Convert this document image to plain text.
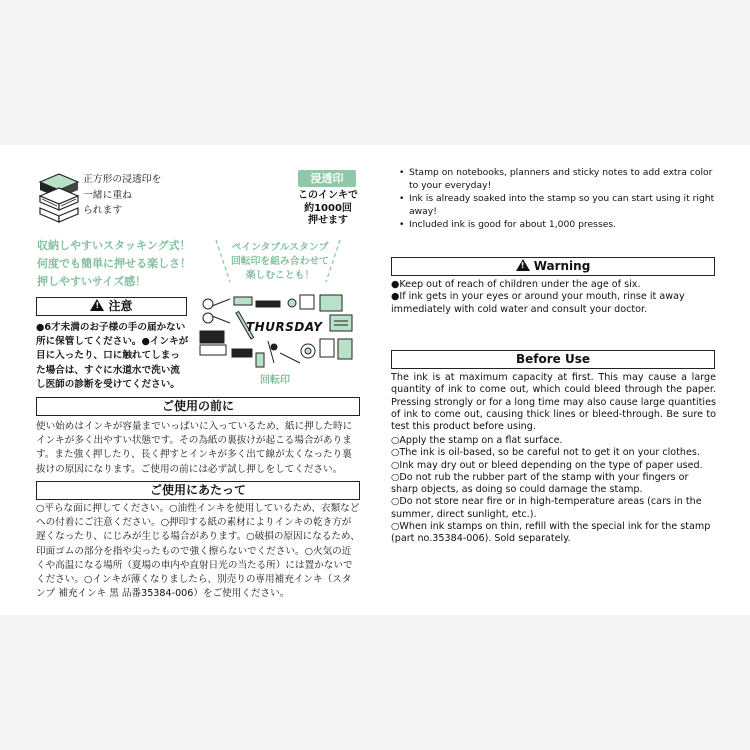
正方形の浸透印を
一緒に重ね
られます
浸透印
このインキで
約1000回
押せます
収納しやすいスタッキング式！
何度でも簡単に押せる楽しさ！
押しやすいサイズ感！
ペインタブルスタンプ
回転印を組み合わせて
楽しむことも！
THURSDAY
回転印
!注意
●6才未満のお子様の手の届かない所に保管してください。●インキが目に入ったり、口に触れてしまった場合は、すぐに水道水で洗い流し医師の診断を受けてください。
ご使用の前に
使い始めはインキが容量までいっぱいに入っているため、紙に押した時にインキが多く出やすい状態です。その為紙の裏抜けが起こる場合があります。また強く押したり、長く押すとインキが多く出て線が太くなったり裏抜けの原因になります。ご使用の前には必ず試し押しをしてください。
ご使用にあたって
○平らな面に押してください。○油性インキを使用しているため、衣類などへの付着にご注意ください。○押印する紙の素材によりインキの乾き方が遅くなったり、にじみが生じる場合があります。○破損の原因になるため、印面ゴムの部分を指や尖ったもので強く擦らないでください。○火気の近くや高温になる場所（夏場の車内や直射日光の当たる所）には置かないでください。○インキが薄くなりましたら、別売りの専用補充インキ（スタンプ 補充インキ 黒 品番35384-006）をご使用ください。
• Stamp on notebooks, planners and sticky notes to add extra color to your everyday!
• Ink is already soaked into the stamp so you can start using it right away!
• Included ink is good for about 1,000 presses.
!Warning

●Keep out of reach of children under the age of six.

●If ink gets in your eyes or around your mouth, rinse it away immediately with cold water and consult your doctor.

Before Use
The ink is at maximum capacity at first. This may cause a large quantity of ink to come out, which could bleed through the paper. Pressing strongly or for a long time may also cause large quantities of ink to come out, causing thick lines or bleed-through. Be sure to test this product before using.

○Apply the stamp on a flat surface.

○The ink is oil-based, so be careful not to get it on your clothes.

○Ink may dry out or bleed depending on the type of paper used.

○Do not rub the rubber part of the stamp with your fingers or sharp objects, as doing so could damage the stamp.

○Do not store near fire or in high-temperature areas (cars in the summer, direct sunlight, etc.).

○When ink stamps on thin, refill with the special ink for the stamp (part no.35384-006). Sold separately.
